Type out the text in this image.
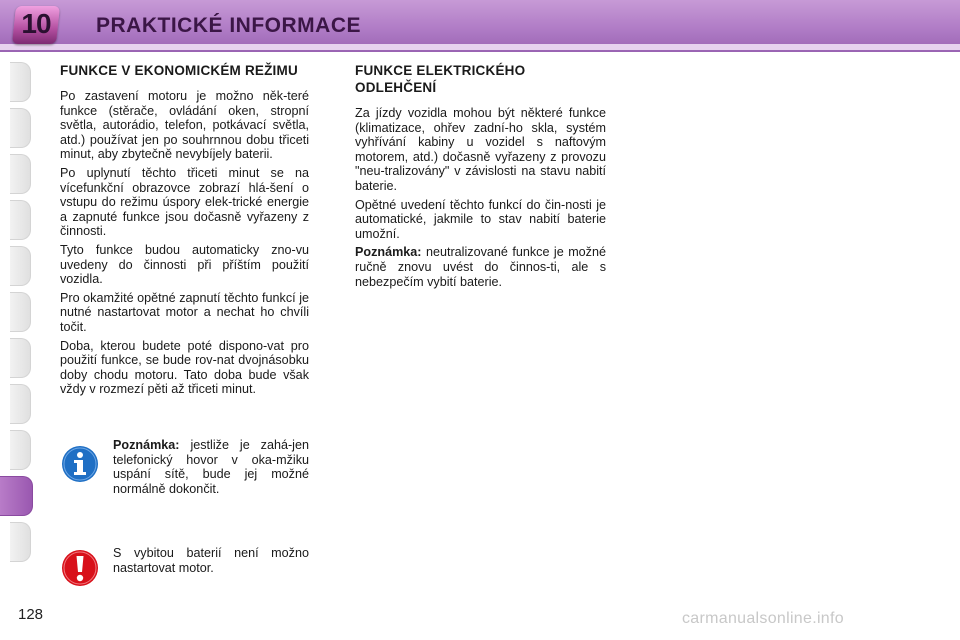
10	PRAKTICKÉ INFORMACE
FUNKCE V EKONOMICKÉM REŽIMU

Po zastavení motoru je možno něk-teré funkce (stěrače, ovládání oken, stropní světla, autorádio, telefon, potkávací světla, atd.) používat jen po souhrnnou dobu třiceti minut, aby zbytečně nevybíjely baterii.

Po uplynutí těchto třiceti minut se na vícefunkční obrazovce zobrazí hlá-šení o vstupu do režimu úspory elek-trické energie a zapnuté funkce jsou dočasně vyřazeny z činnosti.

Tyto funkce budou automaticky zno-vu uvedeny do činnosti při příštím použití vozidla.

Pro okamžité opětné zapnutí těchto funkcí je nutné nastartovat motor a nechat ho chvíli točit.

Doba, kterou budete poté dispono-vat pro použití funkce, se bude rov-nat dvojnásobku doby chodu motoru. Tato doba bude však vždy v rozmezí pěti až třiceti minut.

Poznámka: jestliže je zahá-jen telefonický hovor v oka-mžiku uspání sítě, bude jej možné normálně dokončit.
S vybitou baterií není možno nastartovat motor.
FUNKCE ELEKTRICKÉHO ODLEHČENÍ

Za jízdy vozidla mohou být některé funkce (klimatizace, ohřev zadní-ho skla, systém vyhřívání kabiny u vozidel s naftovým motorem, atd.) dočasně vyřazeny z provozu "neu-tralizovány" v závislosti na stavu nabití baterie.

Opětné uvedení těchto funkcí do čin-nosti je automatické, jakmile to stav nabití baterie umožní.

Poznámka: neutralizované funkce je možné ručně znovu uvést do činnos-ti, ale s nebezpečím vybití baterie.

128	carmanualsonline.info
